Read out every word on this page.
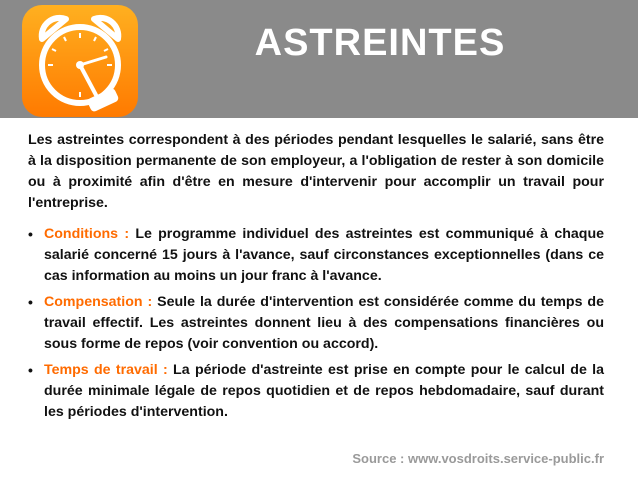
ASTREINTES

Les astreintes correspondent à des périodes pendant lesquelles le salarié, sans être à la disposition permanente de son employeur, a l'obligation de rester à son domicile ou à proximité afin d'être en mesure d'intervenir pour accomplir un travail pour l'entreprise.

• Conditions : Le programme individuel des astreintes est communiqué à chaque salarié concerné 15 jours à l'avance, sauf circonstances exceptionnelles (dans ce cas information au moins un jour franc à l'avance.
• Compensation : Seule la durée d'intervention est considérée comme du temps de travail effectif. Les astreintes donnent lieu à des compensations financières ou sous forme de repos (voir convention ou accord).
• Temps de travail : La période d'astreinte est prise en compte pour le calcul de la durée minimale légale de repos quotidien et de repos hebdomadaire, sauf durant les périodes d'intervention.
Source : www.vosdroits.service-public.fr
